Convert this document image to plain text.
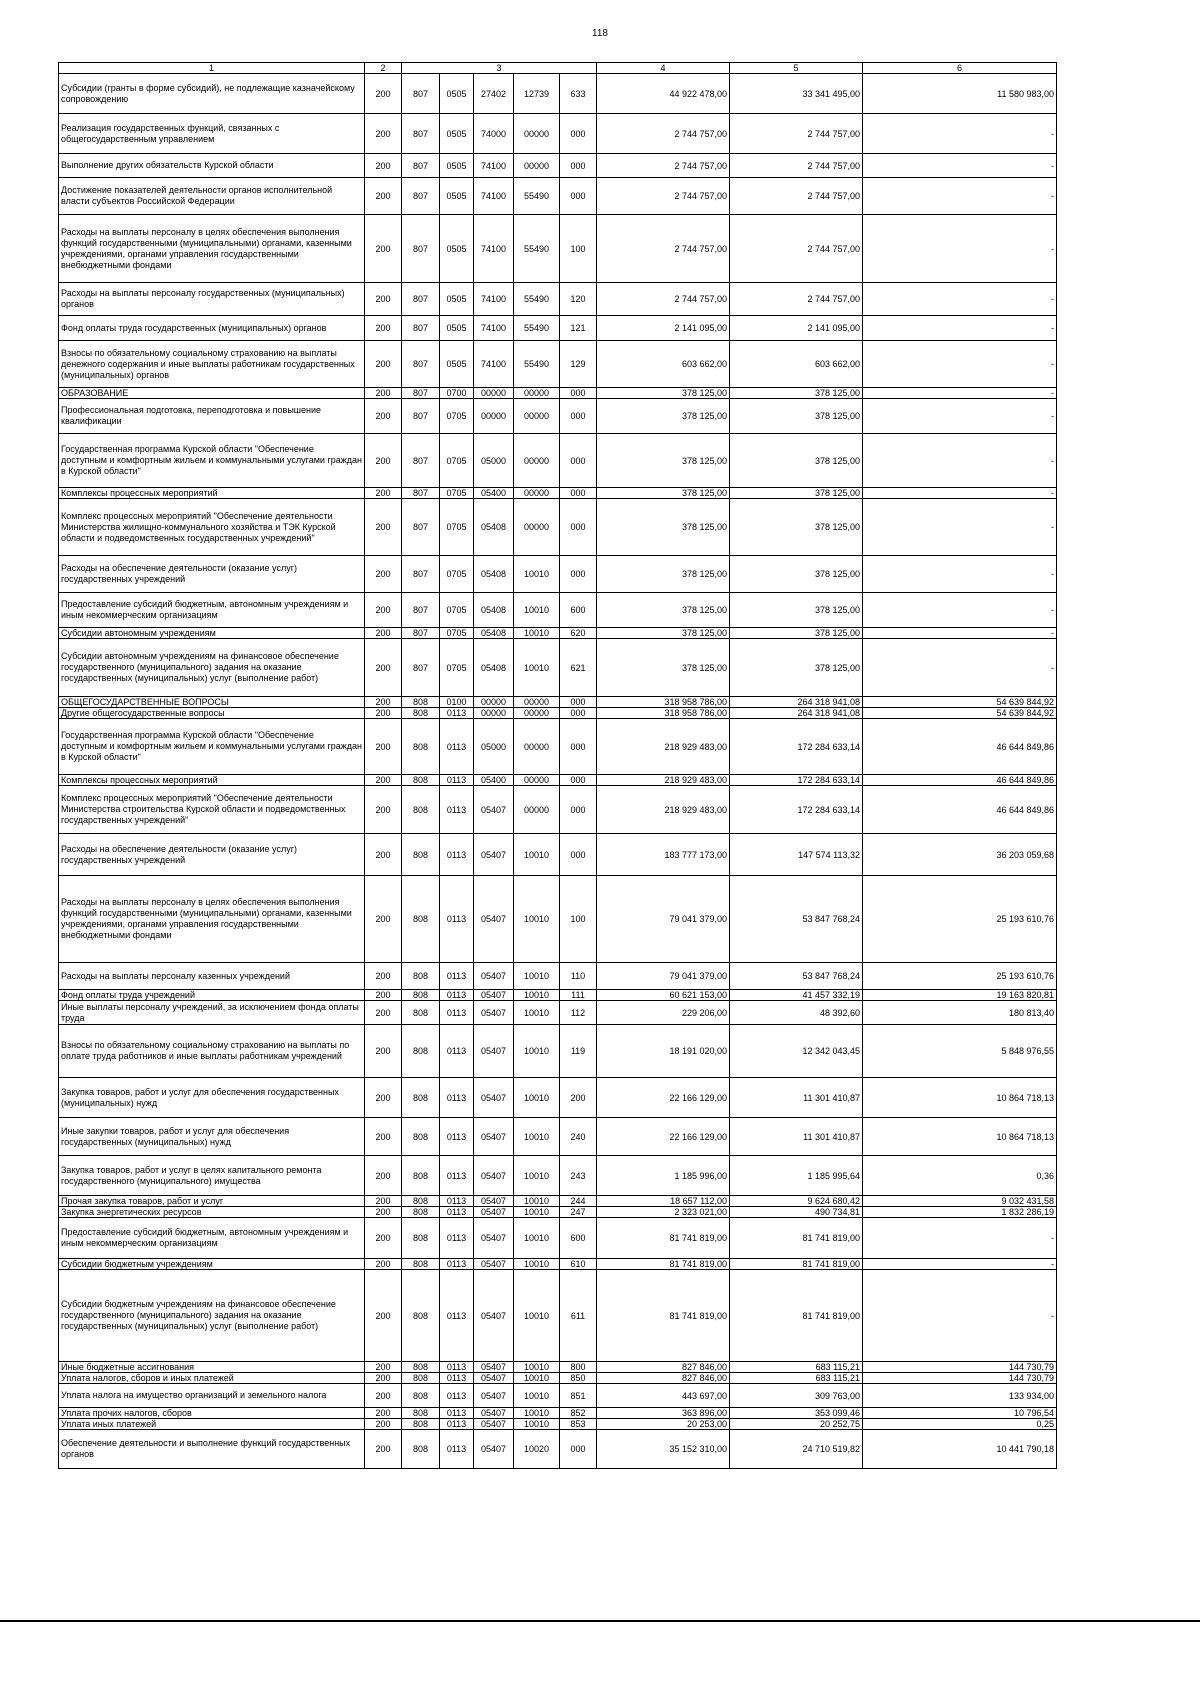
118
1	2	3					4	5	6
Субсидии (гранты в форме субсидий), не подлежащие казначейскому сопровождению	200	807	0505	27402	12739	633	44 922 478,00	33 341 495,00	11 580 983,00
Реализация государственных функций, связанных с общегосударственным управлением	200	807	0505	74000	00000	000	2 744 757,00	2 744 757,00	-
Выполнение других обязательств Курской области	200	807	0505	74100	00000	000	2 744 757,00	2 744 757,00	-
Достижение показателей деятельности органов исполнительной власти субъектов Российской Федерации	200	807	0505	74100	55490	000	2 744 757,00	2 744 757,00	-
Расходы на выплаты персоналу в целях обеспечения выполнения функций государственными (муниципальными) органами, казенными учреждениями, органами управления государственными внебюджетными фондами	200	807	0505	74100	55490	100	2 744 757,00	2 744 757,00	-
Расходы на выплаты персоналу государственных (муниципальных) органов	200	807	0505	74100	55490	120	2 744 757,00	2 744 757,00	-
Фонд оплаты труда государственных (муниципальных) органов	200	807	0505	74100	55490	121	2 141 095,00	2 141 095,00	-
Взносы по обязательному социальному страхованию на выплаты денежного содержания и иные выплаты работникам государственных (муниципальных) органов	200	807	0505	74100	55490	129	603 662,00	603 662,00	-
ОБРАЗОВАНИЕ	200	807	0700	00000	00000	000	378 125,00	378 125,00	-
Профессиональная подготовка, переподготовка и повышение квалификации	200	807	0705	00000	00000	000	378 125,00	378 125,00	-
Государственная программа Курской области "Обеспечение доступным и комфортным жильем и коммунальными услугами граждан в Курской области"	200	807	0705	05000	00000	000	378 125,00	378 125,00	-
Комплексы процессных мероприятий	200	807	0705	05400	00000	000	378 125,00	378 125,00	-
Комплекс процессных мероприятий "Обеспечение деятельности Министерства жилищно-коммунального хозяйства и ТЭК Курской области и подведомственных государственных учреждений"	200	807	0705	05408	00000	000	378 125,00	378 125,00	-
Расходы на обеспечение деятельности (оказание услуг) государственных учреждений	200	807	0705	05408	10010	000	378 125,00	378 125,00	-
Предоставление субсидий бюджетным, автономным учреждениям и иным некоммерческим организациям	200	807	0705	05408	10010	600	378 125,00	378 125,00	-
Субсидии автономным учреждениям	200	807	0705	05408	10010	620	378 125,00	378 125,00	-
Субсидии автономным учреждениям на финансовое обеспечение государственного (муниципального) задания на оказание государственных (муниципальных) услуг (выполнение работ)	200	807	0705	05408	10010	621	378 125,00	378 125,00	-
ОБЩЕГОСУДАРСТВЕННЫЕ ВОПРОСЫ	200	808	0100	00000	00000	000	318 958 786,00	264 318 941,08	54 639 844,92
Другие общегосударственные вопросы	200	808	0113	00000	00000	000	318 958 786,00	264 318 941,08	54 639 844,92
Государственная программа Курской области "Обеспечение доступным и комфортным жильем и коммунальными услугами граждан в Курской области"	200	808	0113	05000	00000	000	218 929 483,00	172 284 633,14	46 644 849,86
Комплексы процессных мероприятий	200	808	0113	05400	00000	000	218 929 483,00	172 284 633,14	46 644 849,86
Комплекс процессных мероприятий "Обеспечение деятельности Министерства строительства Курской области и подведомственных государственных учреждений"	200	808	0113	05407	00000	000	218 929 483,00	172 284 633,14	46 644 849,86
Расходы на обеспечение деятельности (оказание услуг) государственных учреждений	200	808	0113	05407	10010	000	183 777 173,00	147 574 113,32	36 203 059,68
Расходы на выплаты персоналу в целях обеспечения выполнения функций государственными (муниципальными) органами, казенными учреждениями, органами управления государственными внебюджетными фондами	200	808	0113	05407	10010	100	79 041 379,00	53 847 768,24	25 193 610,76
Расходы на выплаты персоналу казенных учреждений	200	808	0113	05407	10010	110	79 041 379,00	53 847 768,24	25 193 610,76
Фонд оплаты труда учреждений	200	808	0113	05407	10010	111	60 621 153,00	41 457 332,19	19 163 820,81
Иные выплаты персоналу учреждений, за исключением фонда оплаты труда	200	808	0113	05407	10010	112	229 206,00	48 392,60	180 813,40
Взносы по обязательному социальному страхованию на выплаты по оплате труда работников и иные выплаты работникам учреждений	200	808	0113	05407	10010	119	18 191 020,00	12 342 043,45	5 848 976,55
Закупка товаров, работ и услуг для обеспечения государственных (муниципальных) нужд	200	808	0113	05407	10010	200	22 166 129,00	11 301 410,87	10 864 718,13
Иные закупки товаров, работ и услуг для обеспечения государственных (муниципальных) нужд	200	808	0113	05407	10010	240	22 166 129,00	11 301 410,87	10 864 718,13
Закупка товаров, работ и услуг в целях капитального ремонта государственного (муниципального) имущества	200	808	0113	05407	10010	243	1 185 996,00	1 185 995,64	0,36
Прочая закупка товаров, работ и услуг	200	808	0113	05407	10010	244	18 657 112,00	9 624 680,42	9 032 431,58
Закупка энергетических ресурсов	200	808	0113	05407	10010	247	2 323 021,00	490 734,81	1 832 286,19
Предоставление субсидий бюджетным, автономным учреждениям и иным некоммерческим организациям	200	808	0113	05407	10010	600	81 741 819,00	81 741 819,00	-
Субсидии бюджетным учреждениям	200	808	0113	05407	10010	610	81 741 819,00	81 741 819,00	-
Субсидии бюджетным учреждениям на финансовое обеспечение государственного (муниципального) задания на оказание государственных (муниципальных) услуг (выполнение работ)	200	808	0113	05407	10010	611	81 741 819,00	81 741 819,00	-
Иные бюджетные ассигнования	200	808	0113	05407	10010	800	827 846,00	683 115,21	144 730,79
Уплата налогов, сборов и иных платежей	200	808	0113	05407	10010	850	827 846,00	683 115,21	144 730,79
Уплата налога на имущество организаций и земельного налога	200	808	0113	05407	10010	851	443 697,00	309 763,00	133 934,00
Уплата прочих налогов, сборов	200	808	0113	05407	10010	852	363 896,00	353 099,46	10 796,54
Уплата иных платежей	200	808	0113	05407	10010	853	20 253,00	20 252,75	0,25
Обеспечение деятельности и выполнение функций государственных органов	200	808	0113	05407	10020	000	35 152 310,00	24 710 519,82	10 441 790,18
